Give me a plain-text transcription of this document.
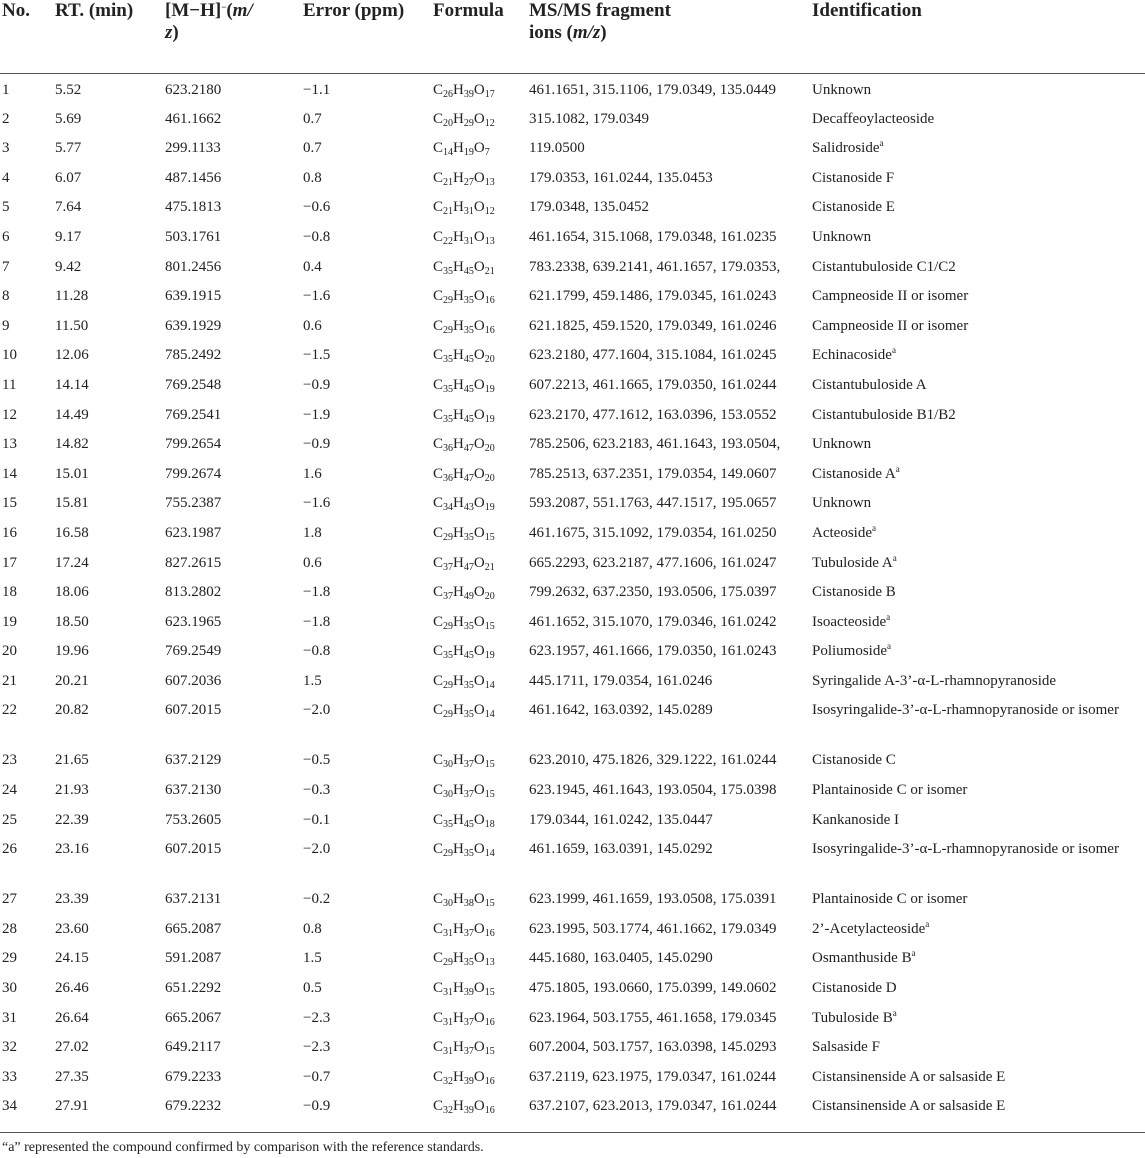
No.	RT. (min)	[M−H]−(m/
z)	Error (ppm)	Formula	MS/MS fragment
ions (m/z)	Identification
1	5.52	623.2180	−1.1	$C_{26}H_{39}O_{17}$	461.1651, 315.1106, 179.0349, 135.0449	Unknown
2	5.69	461.1662	0.7	$C_{20}H_{29}O_{12}$	315.1082, 179.0349	Decaffeoylacteoside
3	5.77	299.1133	0.7	$C_{14}H_{19}O_7$	119.0500	Salidroside$^a$
4	6.07	487.1456	0.8	$C_{21}H_{27}O_{13}$	179.0353, 161.0244, 135.0453	Cistanoside F
5	7.64	475.1813	−0.6	$C_{21}H_{31}O_{12}$	179.0348, 135.0452	Cistanoside E
6	9.17	503.1761	−0.8	$C_{22}H_{31}O_{13}$	461.1654, 315.1068, 179.0348, 161.0235	Unknown
7	9.42	801.2456	0.4	$C_{35}H_{45}O_{21}$	783.2338, 639.2141, 461.1657, 179.0353,	Cistantubuloside C1/C2
8	11.28	639.1915	−1.6	$C_{29}H_{35}O_{16}$	621.1799, 459.1486, 179.0345, 161.0243	Campneoside II or isomer
9	11.50	639.1929	0.6	$C_{29}H_{35}O_{16}$	621.1825, 459.1520, 179.0349, 161.0246	Campneoside II or isomer
10	12.06	785.2492	−1.5	$C_{35}H_{45}O_{20}$	623.2180, 477.1604, 315.1084, 161.0245	Echinacoside$^a$
11	14.14	769.2548	−0.9	$C_{35}H_{45}O_{19}$	607.2213, 461.1665, 179.0350, 161.0244	Cistantubuloside A
12	14.49	769.2541	−1.9	$C_{35}H_{45}O_{19}$	623.2170, 477.1612, 163.0396, 153.0552	Cistantubuloside B1/B2
13	14.82	799.2654	−0.9	$C_{36}H_{47}O_{20}$	785.2506, 623.2183, 461.1643, 193.0504,	Unknown
14	15.01	799.2674	1.6	$C_{36}H_{47}O_{20}$	785.2513, 637.2351, 179.0354, 149.0607	Cistanoside $A^a$
15	15.81	755.2387	−1.6	$C_{34}H_{43}O_{19}$	593.2087, 551.1763, 447.1517, 195.0657	Unknown
16	16.58	623.1987	1.8	$C_{29}H_{35}O_{15}$	461.1675, 315.1092, 179.0354, 161.0250	Acteoside$^a$
17	17.24	827.2615	0.6	$C_{37}H_{47}O_{21}$	665.2293, 623.2187, 477.1606, 161.0247	Tubuloside $A^a$
18	18.06	813.2802	−1.8	$C_{37}H_{49}O_{20}$	799.2632, 637.2350, 193.0506, 175.0397	Cistanoside B
19	18.50	623.1965	−1.8	$C_{29}H_{35}O_{15}$	461.1652, 315.1070, 179.0346, 161.0242	Isoacteoside$^a$
20	19.96	769.2549	−0.8	$C_{35}H_{45}O_{19}$	623.1957, 461.1666, 179.0350, 161.0243	Poliumoside$^a$
21	20.21	607.2036	1.5	$C_{29}H_{35}O_{14}$	445.1711, 179.0354, 161.0246	Syringalide A-3’-α-L-rhamnopyranoside
22	20.82	607.2015	−2.0	$C_{29}H_{35}O_{14}$	461.1642, 163.0392, 145.0289	Isosyringalide-3’-α-L-rhamnopyranoside or isomer
23	21.65	637.2129	−0.5	$C_{30}H_{37}O_{15}$	623.2010, 475.1826, 329.1222, 161.0244	Cistanoside C
24	21.93	637.2130	−0.3	$C_{30}H_{37}O_{15}$	623.1945, 461.1643, 193.0504, 175.0398	Plantainoside C or isomer
25	22.39	753.2605	−0.1	$C_{35}H_{45}O_{18}$	179.0344, 161.0242, 135.0447	Kankanoside I
26	23.16	607.2015	−2.0	$C_{29}H_{35}O_{14}$	461.1659, 163.0391, 145.0292	Isosyringalide-3’-α-L-rhamnopyranoside or isomer
27	23.39	637.2131	−0.2	$C_{30}H_{38}O_{15}$	623.1999, 461.1659, 193.0508, 175.0391	Plantainoside C or isomer
28	23.60	665.2087	0.8	$C_{31}H_{37}O_{16}$	623.1995, 503.1774, 461.1662, 179.0349	2’-Acetylacteoside$^a$
29	24.15	591.2087	1.5	$C_{29}H_{35}O_{13}$	445.1680, 163.0405, 145.0290	Osmanthuside $B^a$
30	26.46	651.2292	0.5	$C_{31}H_{39}O_{15}$	475.1805, 193.0660, 175.0399, 149.0602	Cistanoside D
31	26.64	665.2067	−2.3	$C_{31}H_{37}O_{16}$	623.1964, 503.1755, 461.1658, 179.0345	Tubuloside $B^a$
32	27.02	649.2117	−2.3	$C_{31}H_{37}O_{15}$	607.2004, 503.1757, 163.0398, 145.0293	Salsaside F
33	27.35	679.2233	−0.7	$C_{32}H_{39}O_{16}$	637.2119, 623.1975, 179.0347, 161.0244	Cistansinenside A or salsaside E
34	27.91	679.2232	−0.9	$C_{32}H_{39}O_{16}$	637.2107, 623.2013, 179.0347, 161.0244	Cistansinenside A or salsaside E
“a” represented the compound confirmed by comparison with the reference standards.
